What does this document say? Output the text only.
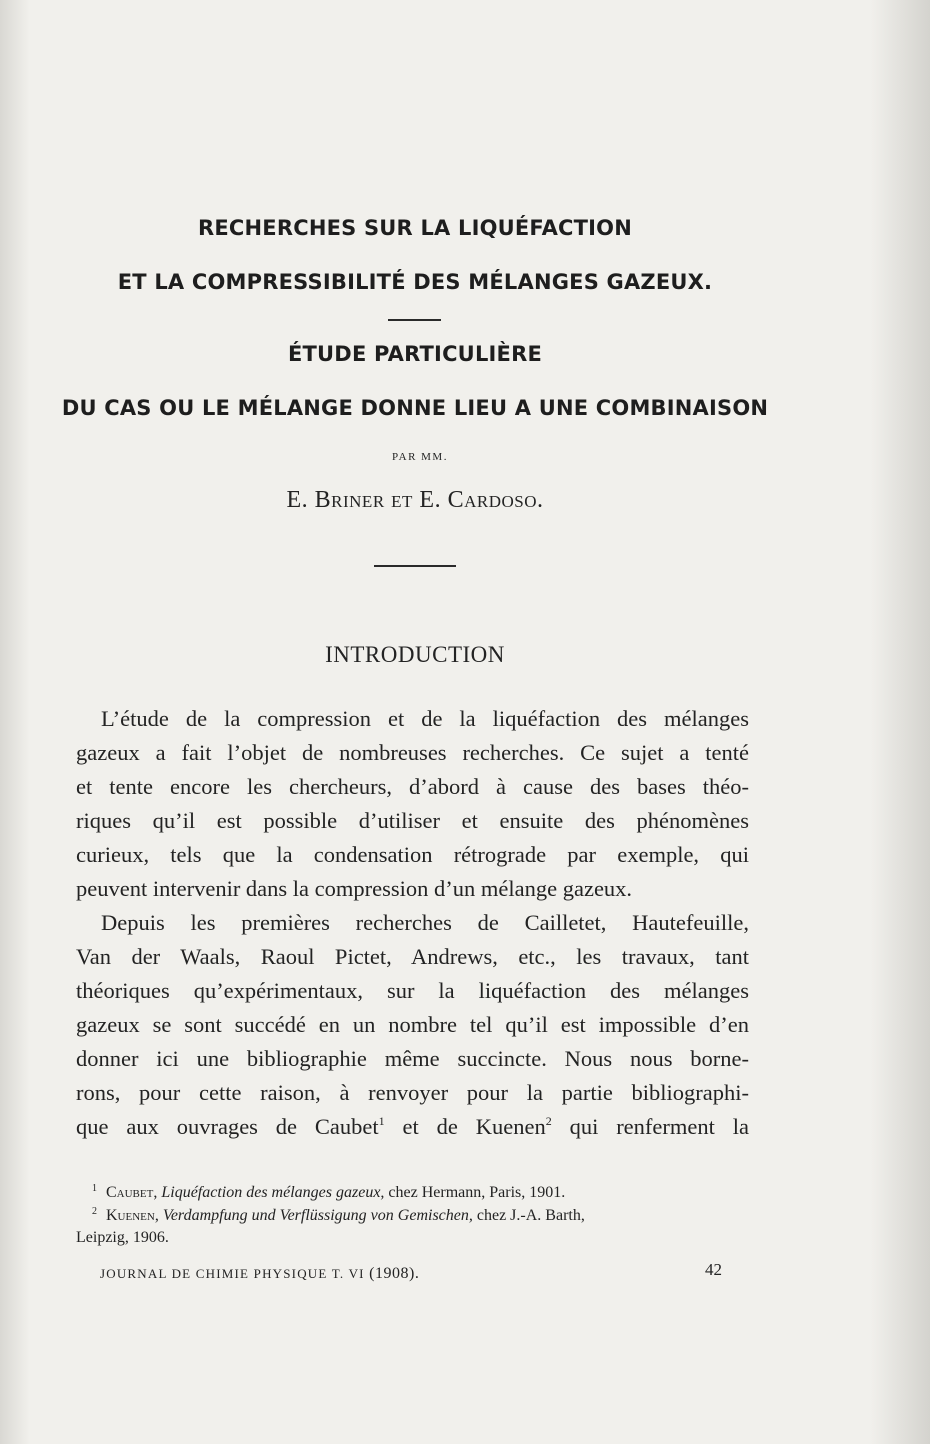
RECHERCHES SUR LA LIQUÉFACTION
ET LA COMPRESSIBILITÉ DES MÉLANGES GAZEUX.
ÉTUDE PARTICULIÈRE
DU CAS OU LE MÉLANGE DONNE LIEU A UNE COMBINAISON
PAR MM.
E. Briner et E. Cardoso.
INTRODUCTION
L’étude de la compression et de la liquéfaction des mélanges
gazeux a fait l’objet de nombreuses recherches. Ce sujet a tenté
et tente encore les chercheurs, d’abord à cause des bases théo-
riques qu’il est possible d’utiliser et ensuite des phénomènes
curieux, tels que la condensation rétrograde par exemple, qui
peuvent intervenir dans la compression d’un mélange gazeux.
Depuis les premières recherches de Cailletet, Hautefeuille,
Van der Waals, Raoul Pictet, Andrews, etc., les travaux, tant
théoriques qu’expérimentaux, sur la liquéfaction des mélanges
gazeux se sont succédé en un nombre tel qu’il est impossible d’en
donner ici une bibliographie même succincte. Nous nous borne-
rons, pour cette raison, à renvoyer pour la partie bibliographi-
que aux ouvrages de Caubet$^1$ et de Kuenen$^2$ qui renferment la
1 Caubet, Liquéfaction des mélanges gazeux, chez Hermann, Paris, 1901.
2 Kuenen, Verdampfung und Verflüssigung von Gemischen, chez J.-A. Barth,
Leipzig, 1906.
JOURNAL DE CHIMIE PHYSIQUE T. VI (1908).	42
